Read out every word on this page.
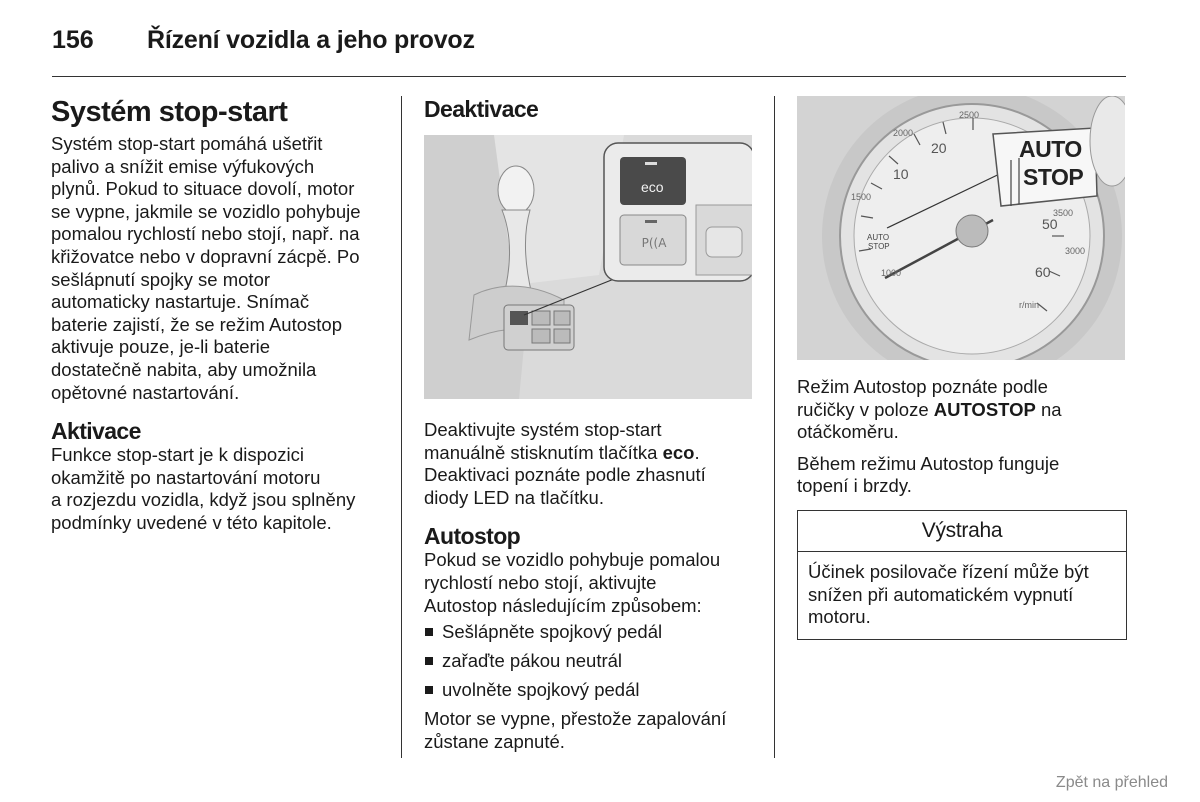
156 Řízení vozidla a jeho provoz
Systém stop-start

Systém stop-start pomáhá ušetřit

palivo a snížit emise výfukových

plynů. Pokud to situace dovolí, motor

se vypne, jakmile se vozidlo pohybuje

pomalou rychlostí nebo stojí, např. na

křižovatce nebo v dopravní zácpě. Po

sešlápnutí spojky se motor

automaticky nastartuje. Snímač

baterie zajistí, že se režim Autostop

aktivuje pouze, je-li baterie

dostatečně nabita, aby umožnila

opětovné nastartování.

Aktivace

Funkce stop-start je k dispozici

okamžitě po nastartování motoru

a rozjezdu vozidla, když jsou splněny

podmínky uvedené v této kapitole.

Deaktivace
P((A
eco

Deaktivujte systém stop-start

manuálně stisknutím tlačítka eco.

Deaktivaci poznáte podle zhasnutí

diody LED na tlačítku.

Autostop

Pokud se vozidlo pohybuje pomalou

rychlostí nebo stojí, aktivujte

Autostop následujícím způsobem:

Sešlápněte spojkový pedál
zařaďte pákou neutrál
uvolněte spojkový pedál

Motor se vypne, přestože zapalování

zůstane zapnuté.

AUTO
STOP
AUTO
STOP
20
10
50
60
2500
2000
1500
1000
3000
3500
r/min

Režim Autostop poznáte podle

ručičky v poloze AUTOSTOP na

otáčkoměru.

Během režimu Autostop funguje

topení i brzdy.

Výstraha

Účinek posilovače řízení může být

snížen při automatickém vypnutí

motoru.

Zpět na přehled
